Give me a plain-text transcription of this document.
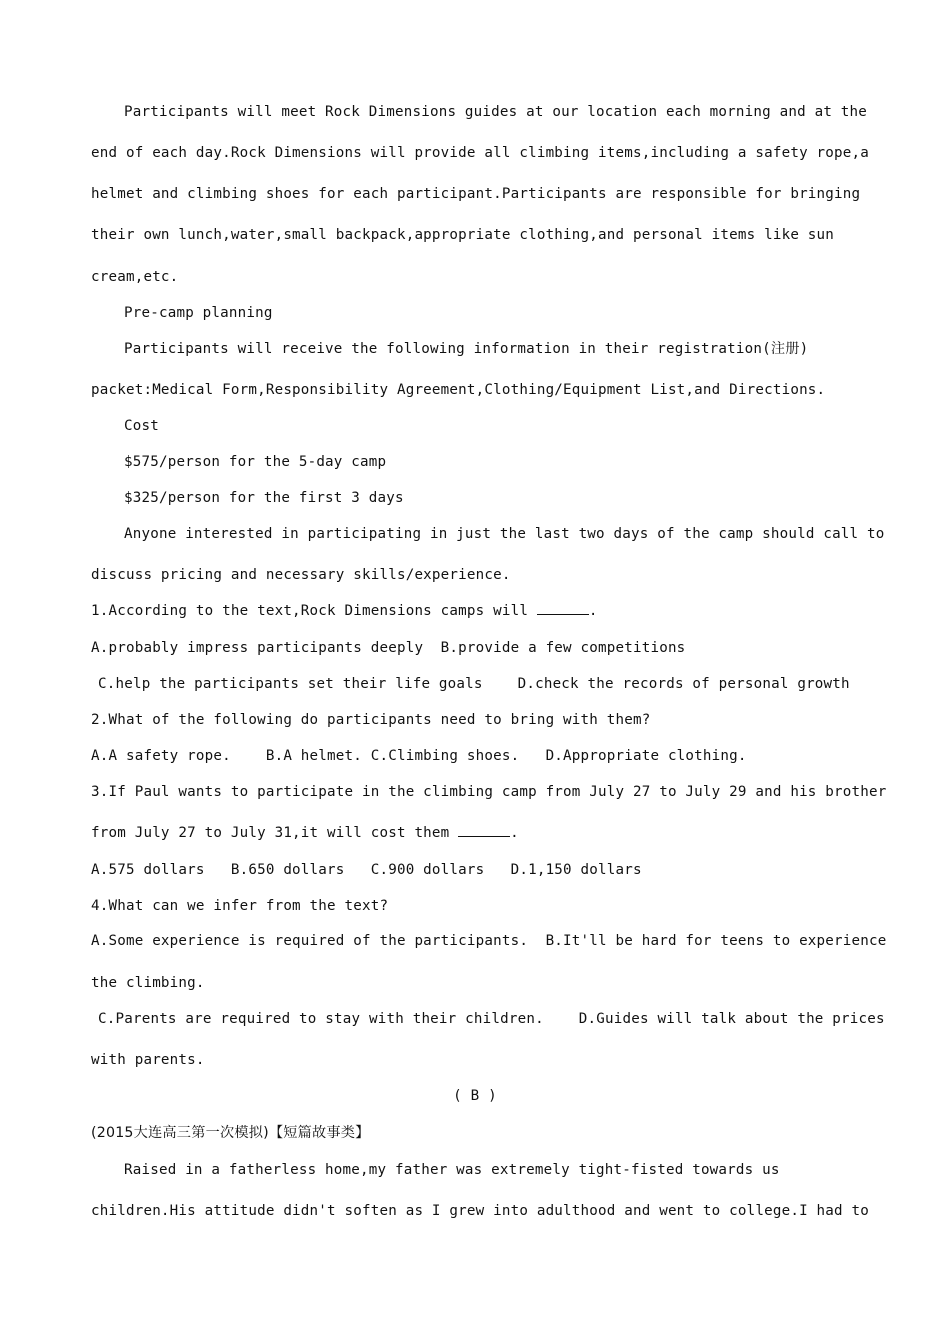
Participants will meet Rock Dimensions guides at our location each morning and at the
end of each day.Rock Dimensions will provide all climbing items,including a safety rope,a
helmet and climbing shoes for each participant.Participants are responsible for bringing
their own lunch,water,small backpack,appropriate clothing,and personal items like sun
cream,etc.
Pre-camp planning
Participants will receive the following information in their registration(注册)
packet:Medical Form,Responsibility Agreement,Clothing/Equipment List,and Directions.
Cost
$575/person for the 5-day camp
$325/person for the first 3 days
Anyone interested in participating in just the last two days of the camp should call to
discuss pricing and necessary skills/experience.
1.According to the text,Rock Dimensions camps will	.
A.probably impress participants deeply  B.provide a few competitions
C.help the participants set their life goals    D.check the records of personal growth
2.What of the following do participants need to bring with them?
A.A safety rope.    B.A helmet. C.Climbing shoes.   D.Appropriate clothing.
3.If Paul wants to participate in the climbing camp from July 27 to July 29 and his brother
from July 27 to July 31,it will cost them	.
A.575 dollars   B.650 dollars   C.900 dollars   D.1,150 dollars
4.What can we infer from the text?
A.Some experience is required of the participants.  B.It'll be hard for teens to experience
the climbing.
C.Parents are required to stay with their children.    D.Guides will talk about the prices
with parents.
( B )
(2015大连高三第一次模拟)【短篇故事类】
Raised in a fatherless home,my father was extremely tight-fisted towards us
children.His attitude didn't soften as I grew into adulthood and went to college.I had to
